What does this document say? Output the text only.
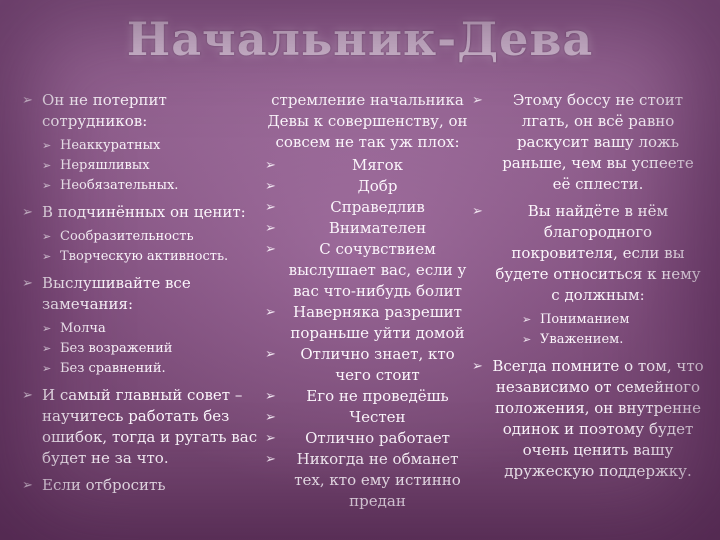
Начальник-Дева
➢ Он не потерпит сотрудников:
➢ Неаккуратных
➢ Неряшливых
➢ Необязательных.
➢ В подчинённых он ценит:
➢ Сообразительность
➢ Творческую активность.
➢ Выслушивайте все замечания:
➢ Молча
➢ Без возражений
➢ Без сравнений.
➢ И самый главный совет – научитесь работать без ошибок, тогда и ругать вас будет не за что.
➢ Если отбросить
стремление начальника Девы к совершенству, он совсем не так уж плох:
➢	Мягок
➢	Добр
➢	Справедлив
➢	Внимателен
➢	С сочувствием выслушает вас, если у вас что-нибудь болит
➢ Наверняка разрешит пораньше уйти домой
➢ Отлично знает, кто чего стоит
➢ Его не проведёшь
➢	Честен
➢ Отлично работает
➢ Никогда не обманет тех, кто ему истинно предан
➢ Этому боссу не стоит лгать, он всё равно раскусит вашу ложь раньше, чем вы успеете её сплести.
➢	Вы найдёте в нём благородного покровителя, если вы будете относиться к нему с должным:
➢ Пониманием
➢ Уважением.
➢ Всегда помните о том, что независимо от семейного положения, он внутренне одинок и поэтому будет очень ценить вашу дружескую поддержку.
